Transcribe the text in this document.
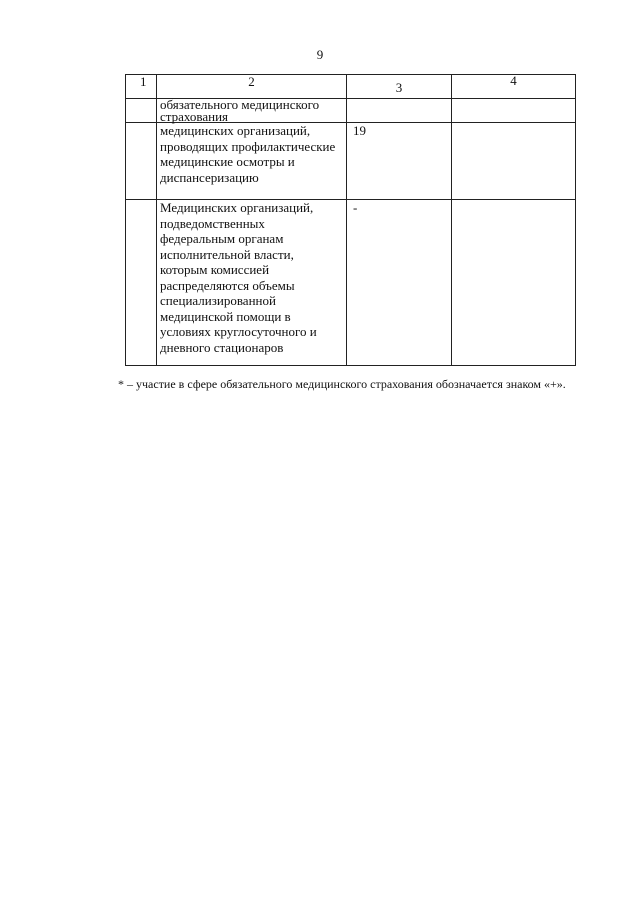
9
1	2	3	4
	обязательного медицинского страхования		
	медицинских организаций, проводящих профилактические медицинские осмотры и диспансеризацию	19	
	Медицинских организаций, подведомственных федеральным органам исполнительной власти, которым комиссией распределяются объемы специализированной медицинской помощи в условиях круглосуточного и дневного стационаров	-	
* – участие в сфере обязательного медицинского страхования обозначается знаком «+».
